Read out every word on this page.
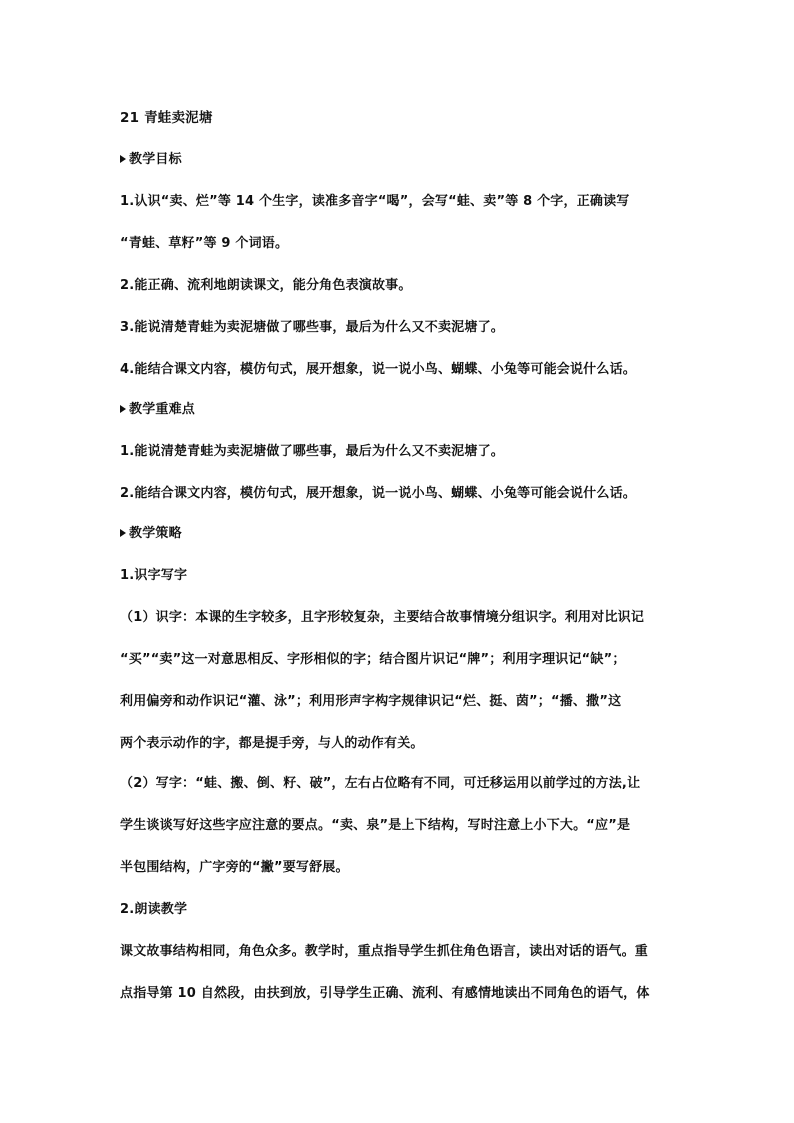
21 青蛙卖泥塘
教学目标
1.认识“卖、烂”等 14 个生字，读准多音字“喝”，会写“蛙、卖”等 8 个字，正确读写
“青蛙、草籽”等 9 个词语。
2.能正确、流利地朗读课文，能分角色表演故事。
3.能说清楚青蛙为卖泥塘做了哪些事，最后为什么又不卖泥塘了。
4.能结合课文内容，模仿句式，展开想象，说一说小鸟、蝴蝶、小兔等可能会说什么话。
教学重难点
1.能说清楚青蛙为卖泥塘做了哪些事，最后为什么又不卖泥塘了。
2.能结合课文内容，模仿句式，展开想象，说一说小鸟、蝴蝶、小兔等可能会说什么话。
教学策略
1.识字写字
（1）识字：本课的生字较多，且字形较复杂，主要结合故事情境分组识字。利用对比识记
“买”“卖”这一对意思相反、字形相似的字；结合图片识记“牌”；利用字理识记“缺”；
利用偏旁和动作识记“灌、泳”；利用形声字构字规律识记“烂、挺、茵”；“播、撒”这
两个表示动作的字，都是提手旁，与人的动作有关。
（2）写字：“蛙、搬、倒、籽、破”，左右占位略有不同，可迁移运用以前学过的方法,让
学生谈谈写好这些字应注意的要点。“卖、泉”是上下结构，写时注意上小下大。“应”是
半包围结构，广字旁的“撇”要写舒展。
2.朗读教学
课文故事结构相同，角色众多。教学时，重点指导学生抓住角色语言，读出对话的语气。重
点指导第 10 自然段，由扶到放，引导学生正确、流利、有感情地读出不同角色的语气，体
